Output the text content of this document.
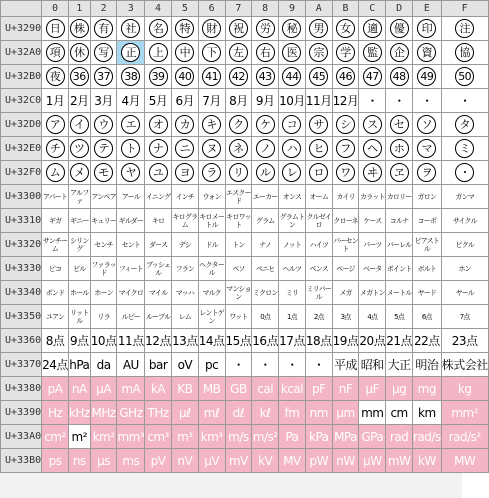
	0	1	2	3	4	5	6	7	8	9	A	B	C	D	E	F
U+3290	日	株	有	社	名	特	財	祝	労	秘	男	女	適	優	印	注
U+32A0	項	休	写	正	上	中	下	左	右	医	宗	学	監	企	資	協
U+32B0	夜	36	37	38	39	40	41	42	43	44	45	46	47	48	49	50
U+32C0	1月	2月	3月	4月	5月	6月	7月	8月	9月	10月	11月	12月	・	・	・	・
U+32D0	ア	イ	ウ	エ	オ	カ	キ	ク	ケ	コ	サ	シ	ス	セ	ソ	タ
U+32E0	チ	ツ	テ	ト	ナ	ニ	ヌ	ネ	ノ	ハ	ヒ	フ	ヘ	ホ	マ	ミ
U+32F0	ム	メ	モ	ヤ	ユ	ヨ	ラ	リ	ル	レ	ロ	ワ	ヰ	ヱ	ヲ	・
U+3300	アパート	アルファ	アンペア	アール	イニング	インチ	ウォン	エスクード	エーカー	オンス	オーム	カイリ	カラット	カロリー	ガロン	ガンマ
U+3310	ギガ	ギニー	キュリー	ギルダー	キロ	キログラム	キロメートル	キロワット	グラム	グラムトン	クルゼイロ	クローネ	ケース	コルナ	コーポ	サイクル
U+3320	サンチーム	シリング	センチ	セント	ダース	デシ	ドル	トン	ナノ	ノット	ハイツ	パーセント	パーツ	バーレル	ピアストル	ピクル
U+3330	ピコ	ビル	ファラッド	フィート	ブッシェル	フラン	ヘクタール	ペソ	ペニヒ	ヘルツ	ペンス	ページ	ベータ	ポイント	ボルト	ホン
U+3340	ポンド	ホール	ホーン	マイクロ	マイル	マッハ	マルク	マンション	ミクロン	ミリ	ミリバール	メガ	メガトン	メートル	ヤード	ヤール
U+3350	ユアン	リットル	リラ	ルピー	ルーブル	レム	レントゲン	ワット	0点	1点	2点	3点	4点	5点	6点	7点
U+3360	8点	9点	10点	11点	12点	13点	14点	15点	16点	17点	18点	19点	20点	21点	22点	23点
U+3370	24点	hPa	da	AU	bar	oV	pc	・	・	・	・	平成	昭和	大正	明治	株式会社
U+3380	pA	nA	μA	mA	kA	KB	MB	GB	cal	kcal	pF	nF	μF	μg	mg	kg
U+3390	Hz	kHz	MHz	GHz	THz	μℓ	mℓ	dℓ	kℓ	fm	nm	μm	mm	cm	km	mm²
U+33A0	cm²	m²	km²	mm³	cm³	m³	km³	m/s	m/s²	Pa	kPa	MPa	GPa	rad	rad/s	rad/s²
U+33B0	ps	ns	μs	ms	pV	nV	μV	mV	kV	MV	pW	nW	μW	mW	kW	MW
